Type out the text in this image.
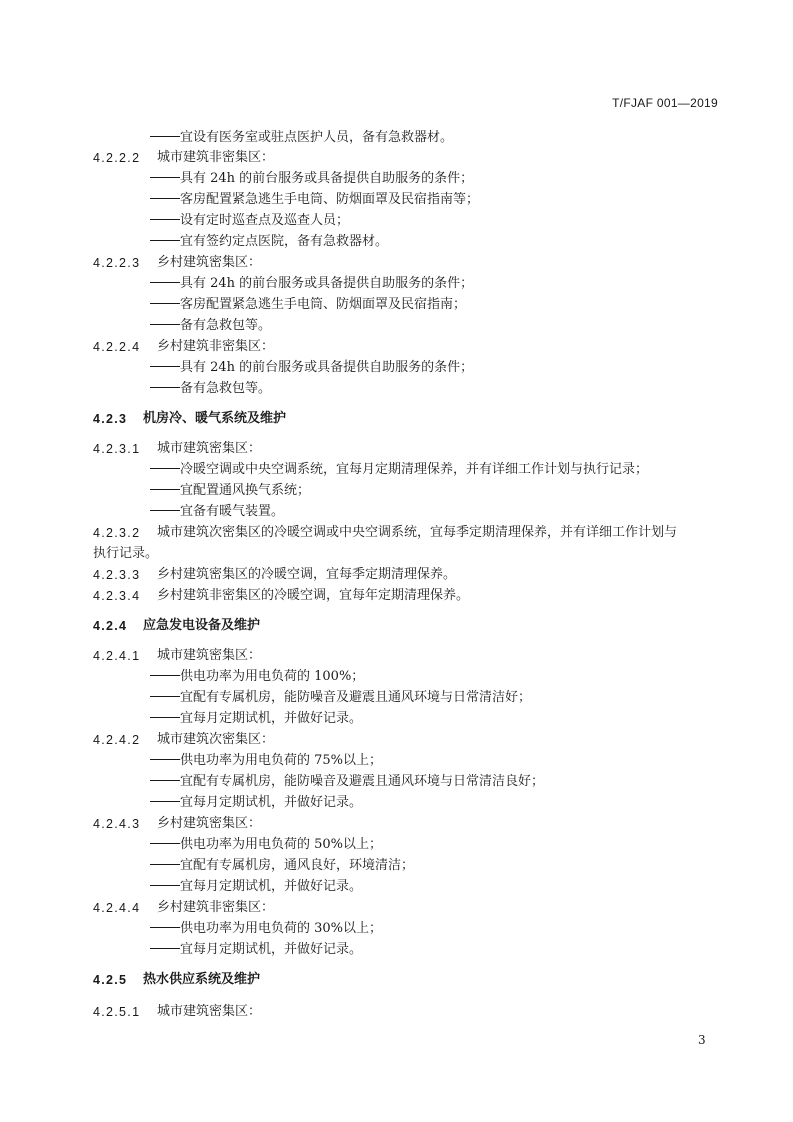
T/FJAF 001—2019
宜设有医务室或驻点医护人员，备有急救器材。
4.2.2.2 城市建筑非密集区：
具有 24h 的前台服务或具备提供自助服务的条件；
客房配置紧急逃生手电筒、防烟面罩及民宿指南等；
设有定时巡查点及巡查人员；
宜有签约定点医院，备有急救器材。
4.2.2.3 乡村建筑密集区：
具有 24h 的前台服务或具备提供自助服务的条件；
客房配置紧急逃生手电筒、防烟面罩及民宿指南；
备有急救包等。
4.2.2.4 乡村建筑非密集区：
具有 24h 的前台服务或具备提供自助服务的条件；
备有急救包等。
4.2.3 机房冷、暖气系统及维护
4.2.3.1 城市建筑密集区：
冷暖空调或中央空调系统，宜每月定期清理保养，并有详细工作计划与执行记录；
宜配置通风换气系统；
宜备有暖气装置。
4.2.3.2 城市建筑次密集区的冷暖空调或中央空调系统，宜每季定期清理保养，并有详细工作计划与
执行记录。
4.2.3.3 乡村建筑密集区的冷暖空调，宜每季定期清理保养。
4.2.3.4 乡村建筑非密集区的冷暖空调，宜每年定期清理保养。
4.2.4 应急发电设备及维护
4.2.4.1 城市建筑密集区：
供电功率为用电负荷的 100%；
宜配有专属机房，能防噪音及避震且通风环境与日常清洁好；
宜每月定期试机，并做好记录。
4.2.4.2 城市建筑次密集区：
供电功率为用电负荷的 75%以上；
宜配有专属机房，能防噪音及避震且通风环境与日常清洁良好；
宜每月定期试机，并做好记录。
4.2.4.3 乡村建筑密集区：
供电功率为用电负荷的 50%以上；
宜配有专属机房，通风良好，环境清洁；
宜每月定期试机，并做好记录。
4.2.4.4 乡村建筑非密集区：
供电功率为用电负荷的 30%以上；
宜每月定期试机，并做好记录。
4.2.5 热水供应系统及维护
4.2.5.1 城市建筑密集区：
3
